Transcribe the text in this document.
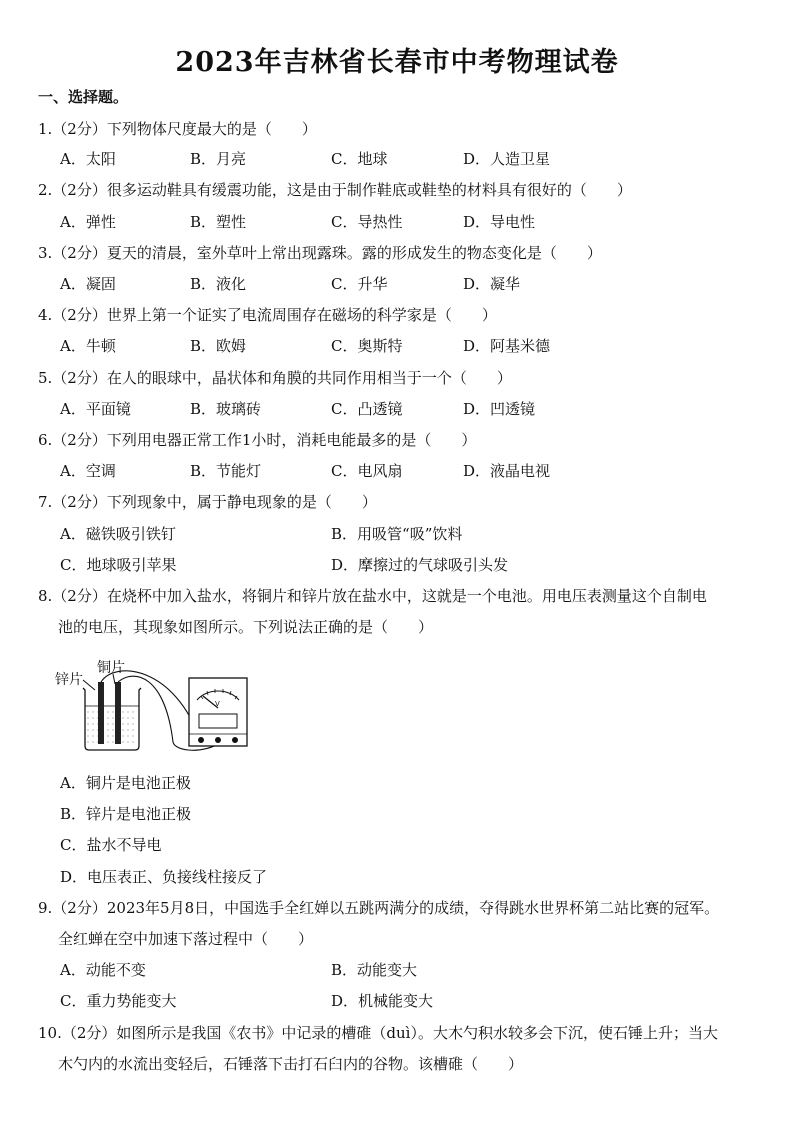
2023年吉林省长春市中考物理试卷
一、选择题。
1.（2分）下列物体尺度最大的是（　　）
A．太阳	B．月亮	C．地球	D．人造卫星
2.（2分）很多运动鞋具有缓震功能，这是由于制作鞋底或鞋垫的材料具有很好的（　　）
A．弹性	B．塑性	C．导热性	D．导电性
3.（2分）夏天的清晨，室外草叶上常出现露珠。露的形成发生的物态变化是（　　）
A．凝固	B．液化	C．升华	D．凝华
4.（2分）世界上第一个证实了电流周围存在磁场的科学家是（　　）
A．牛顿	B．欧姆	C．奥斯特	D．阿基米德
5.（2分）在人的眼球中，晶状体和角膜的共同作用相当于一个（　　）
A．平面镜	B．玻璃砖	C．凸透镜	D．凹透镜
6.（2分）下列用电器正常工作1小时，消耗电能最多的是（　　）
A．空调	B．节能灯	C．电风扇	D．液晶电视
7.（2分）下列现象中，属于静电现象的是（　　）
A．磁铁吸引铁钉	B．用吸管“吸”饮料
C．地球吸引苹果	D．摩擦过的气球吸引头发
8.（2分）在烧杯中加入盐水，将铜片和锌片放在盐水中，这就是一个电池。用电压表测量这个自制电
池的电压，其现象如图所示。下列说法正确的是（　　）
锌片
铜片
V
A．铜片是电池正极
B．锌片是电池正极
C．盐水不导电
D．电压表正、负接线柱接反了
9.（2分）2023年5月8日，中国选手全红婵以五跳两满分的成绩，夺得跳水世界杯第二站比赛的冠军。
全红蝉在空中加速下落过程中（　　）
A．动能不变	B．动能变大
C．重力势能变大	D．机械能变大
10.（2分）如图所示是我国《农书》中记录的槽碓（duì）。大木勺积水较多会下沉，使石锤上升；当大
木勺内的水流出变轻后，石锤落下击打石臼内的谷物。该槽碓（　　）
